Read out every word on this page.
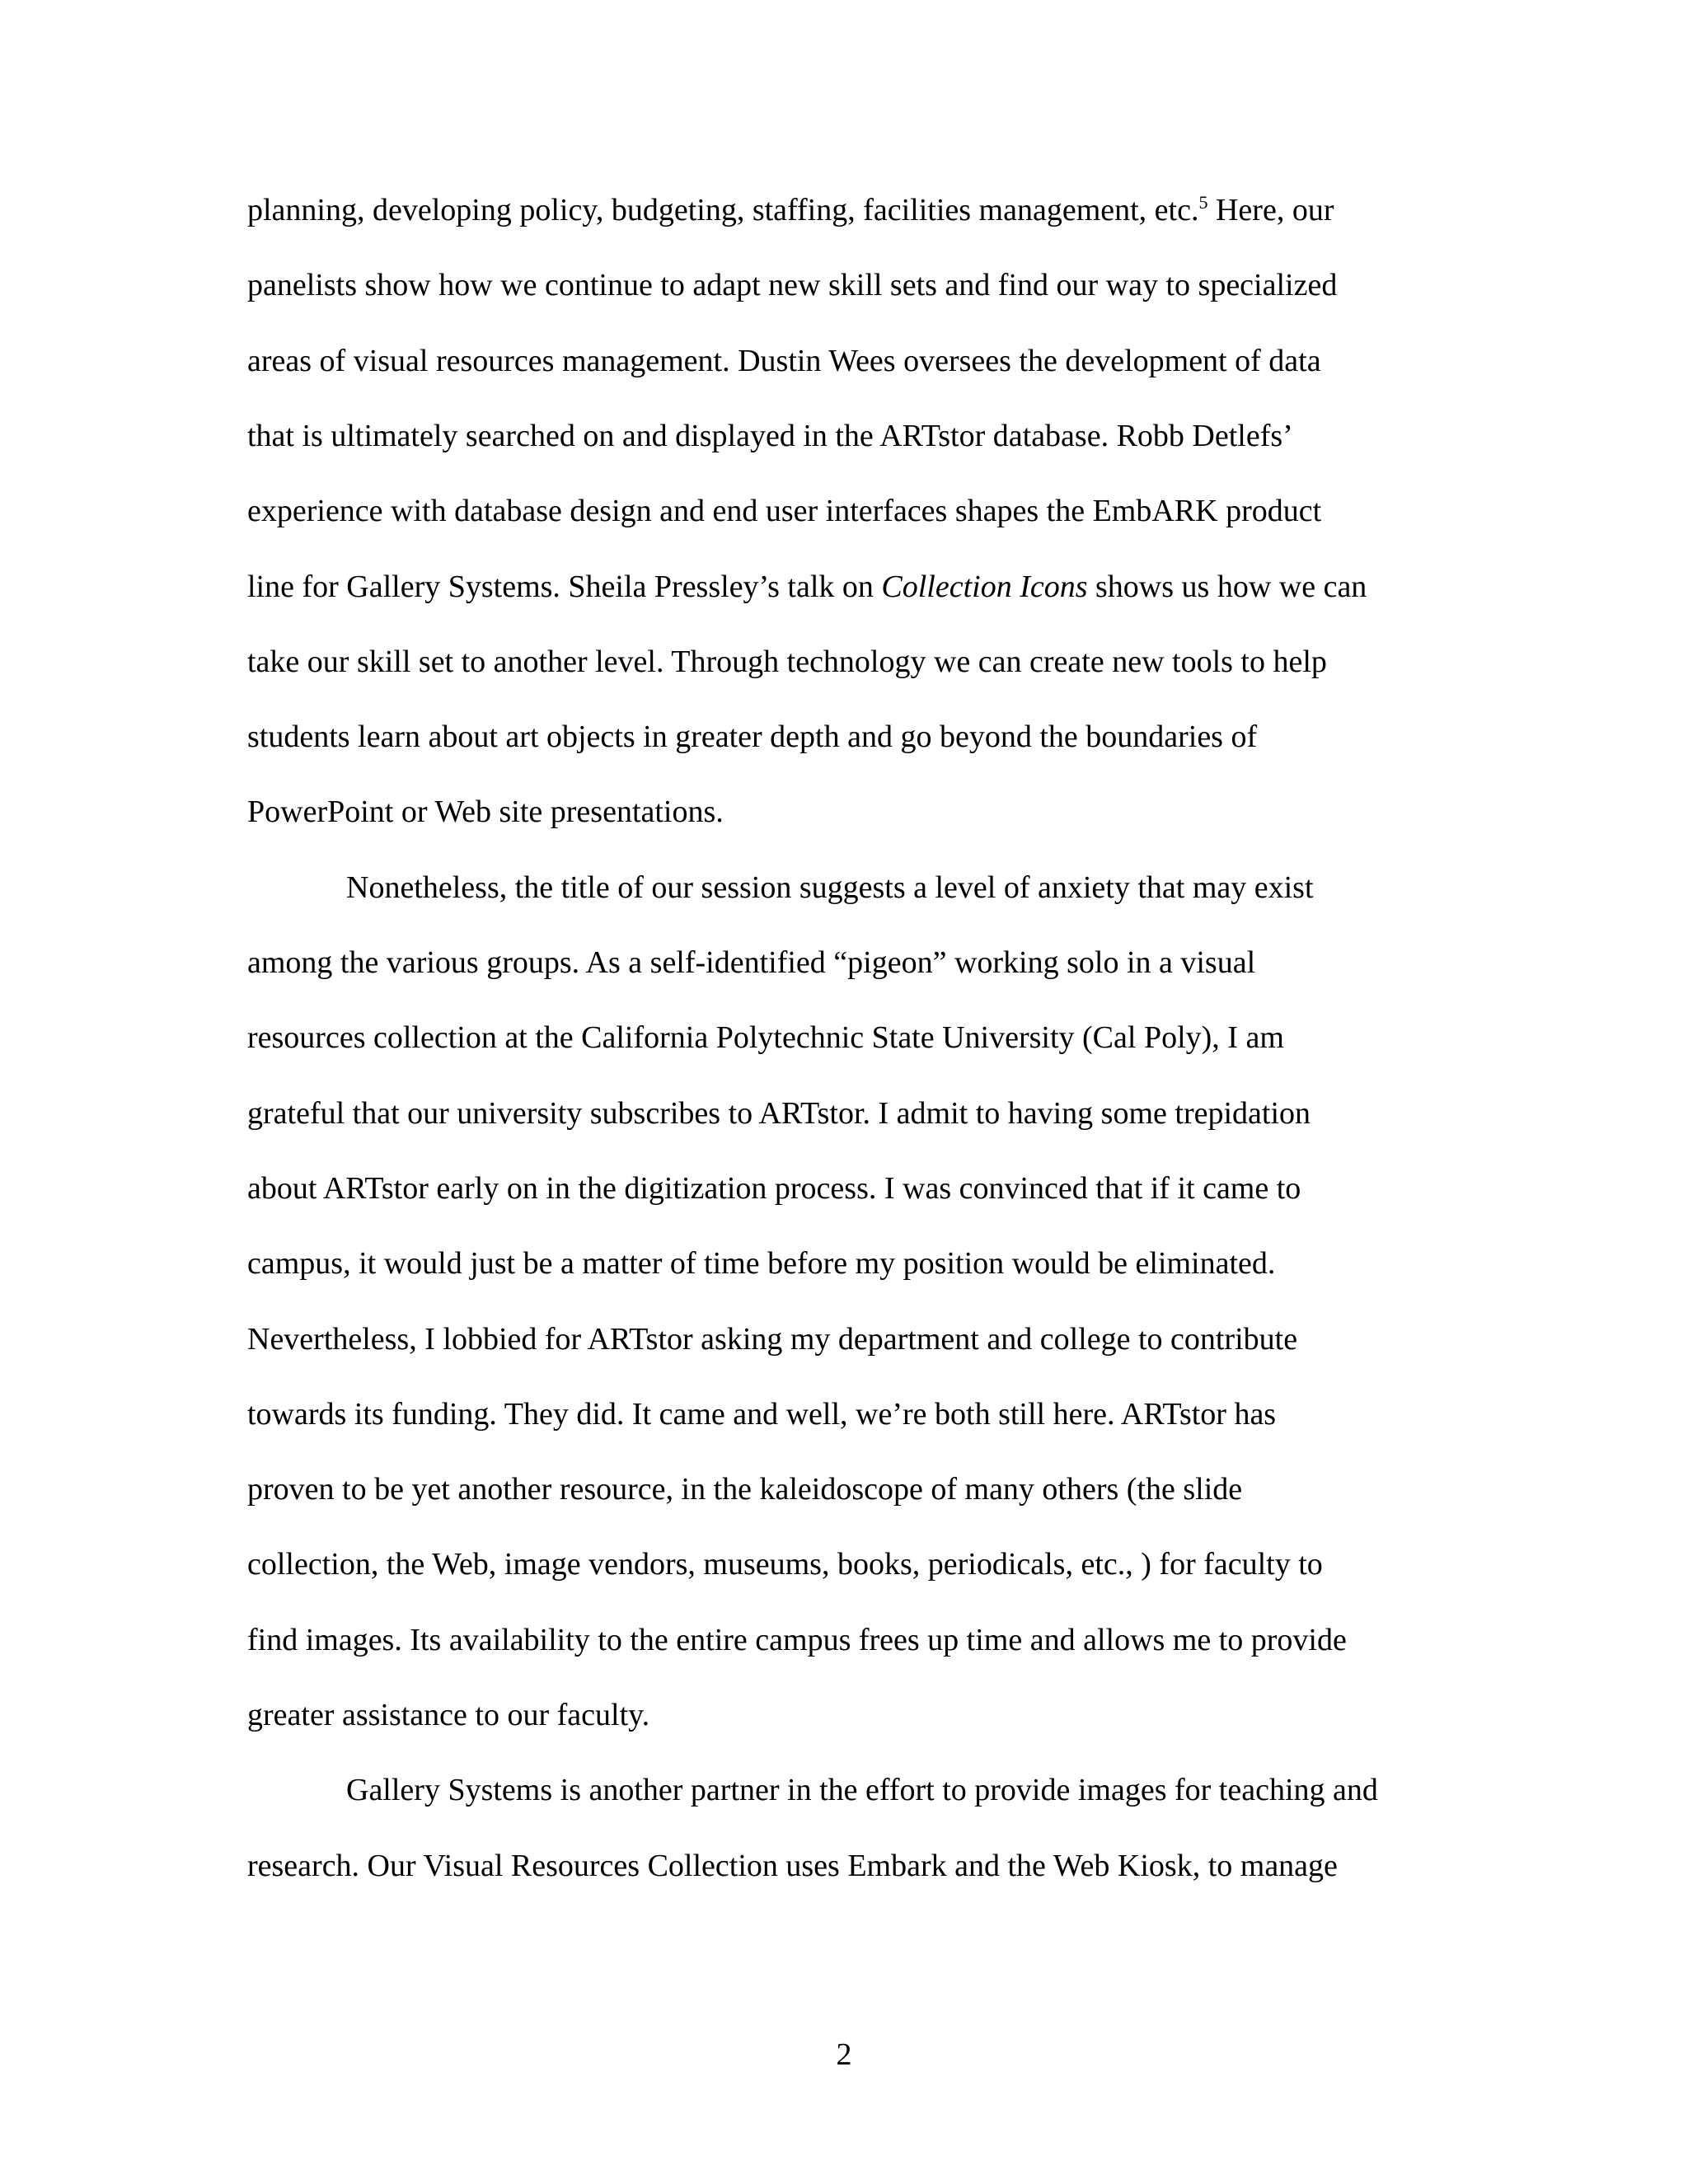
planning, developing policy, budgeting, staffing, facilities management, etc.$^5$ Here, our
panelists show how we continue to adapt new skill sets and find our way to specialized
areas of visual resources management. Dustin Wees oversees the development of data
that is ultimately searched on and displayed in the ARTstor database. Robb Detlefs’
experience with database design and end user interfaces shapes the EmbARK product
line for Gallery Systems. Sheila Pressley’s talk on Collection Icons shows us how we can
take our skill set to another level. Through technology we can create new tools to help
students learn about art objects in greater depth and go beyond the boundaries of
PowerPoint or Web site presentations.
Nonetheless, the title of our session suggests a level of anxiety that may exist
among the various groups. As a self-identified “pigeon” working solo in a visual
resources collection at the California Polytechnic State University (Cal Poly), I am
grateful that our university subscribes to ARTstor. I admit to having some trepidation
about ARTstor early on in the digitization process. I was convinced that if it came to
campus, it would just be a matter of time before my position would be eliminated.
Nevertheless, I lobbied for ARTstor asking my department and college to contribute
towards its funding. They did. It came and well, we’re both still here. ARTstor has
proven to be yet another resource, in the kaleidoscope of many others (the slide
collection, the Web, image vendors, museums, books, periodicals, etc., ) for faculty to
find images. Its availability to the entire campus frees up time and allows me to provide
greater assistance to our faculty.
Gallery Systems is another partner in the effort to provide images for teaching and
research. Our Visual Resources Collection uses Embark and the Web Kiosk, to manage
2
